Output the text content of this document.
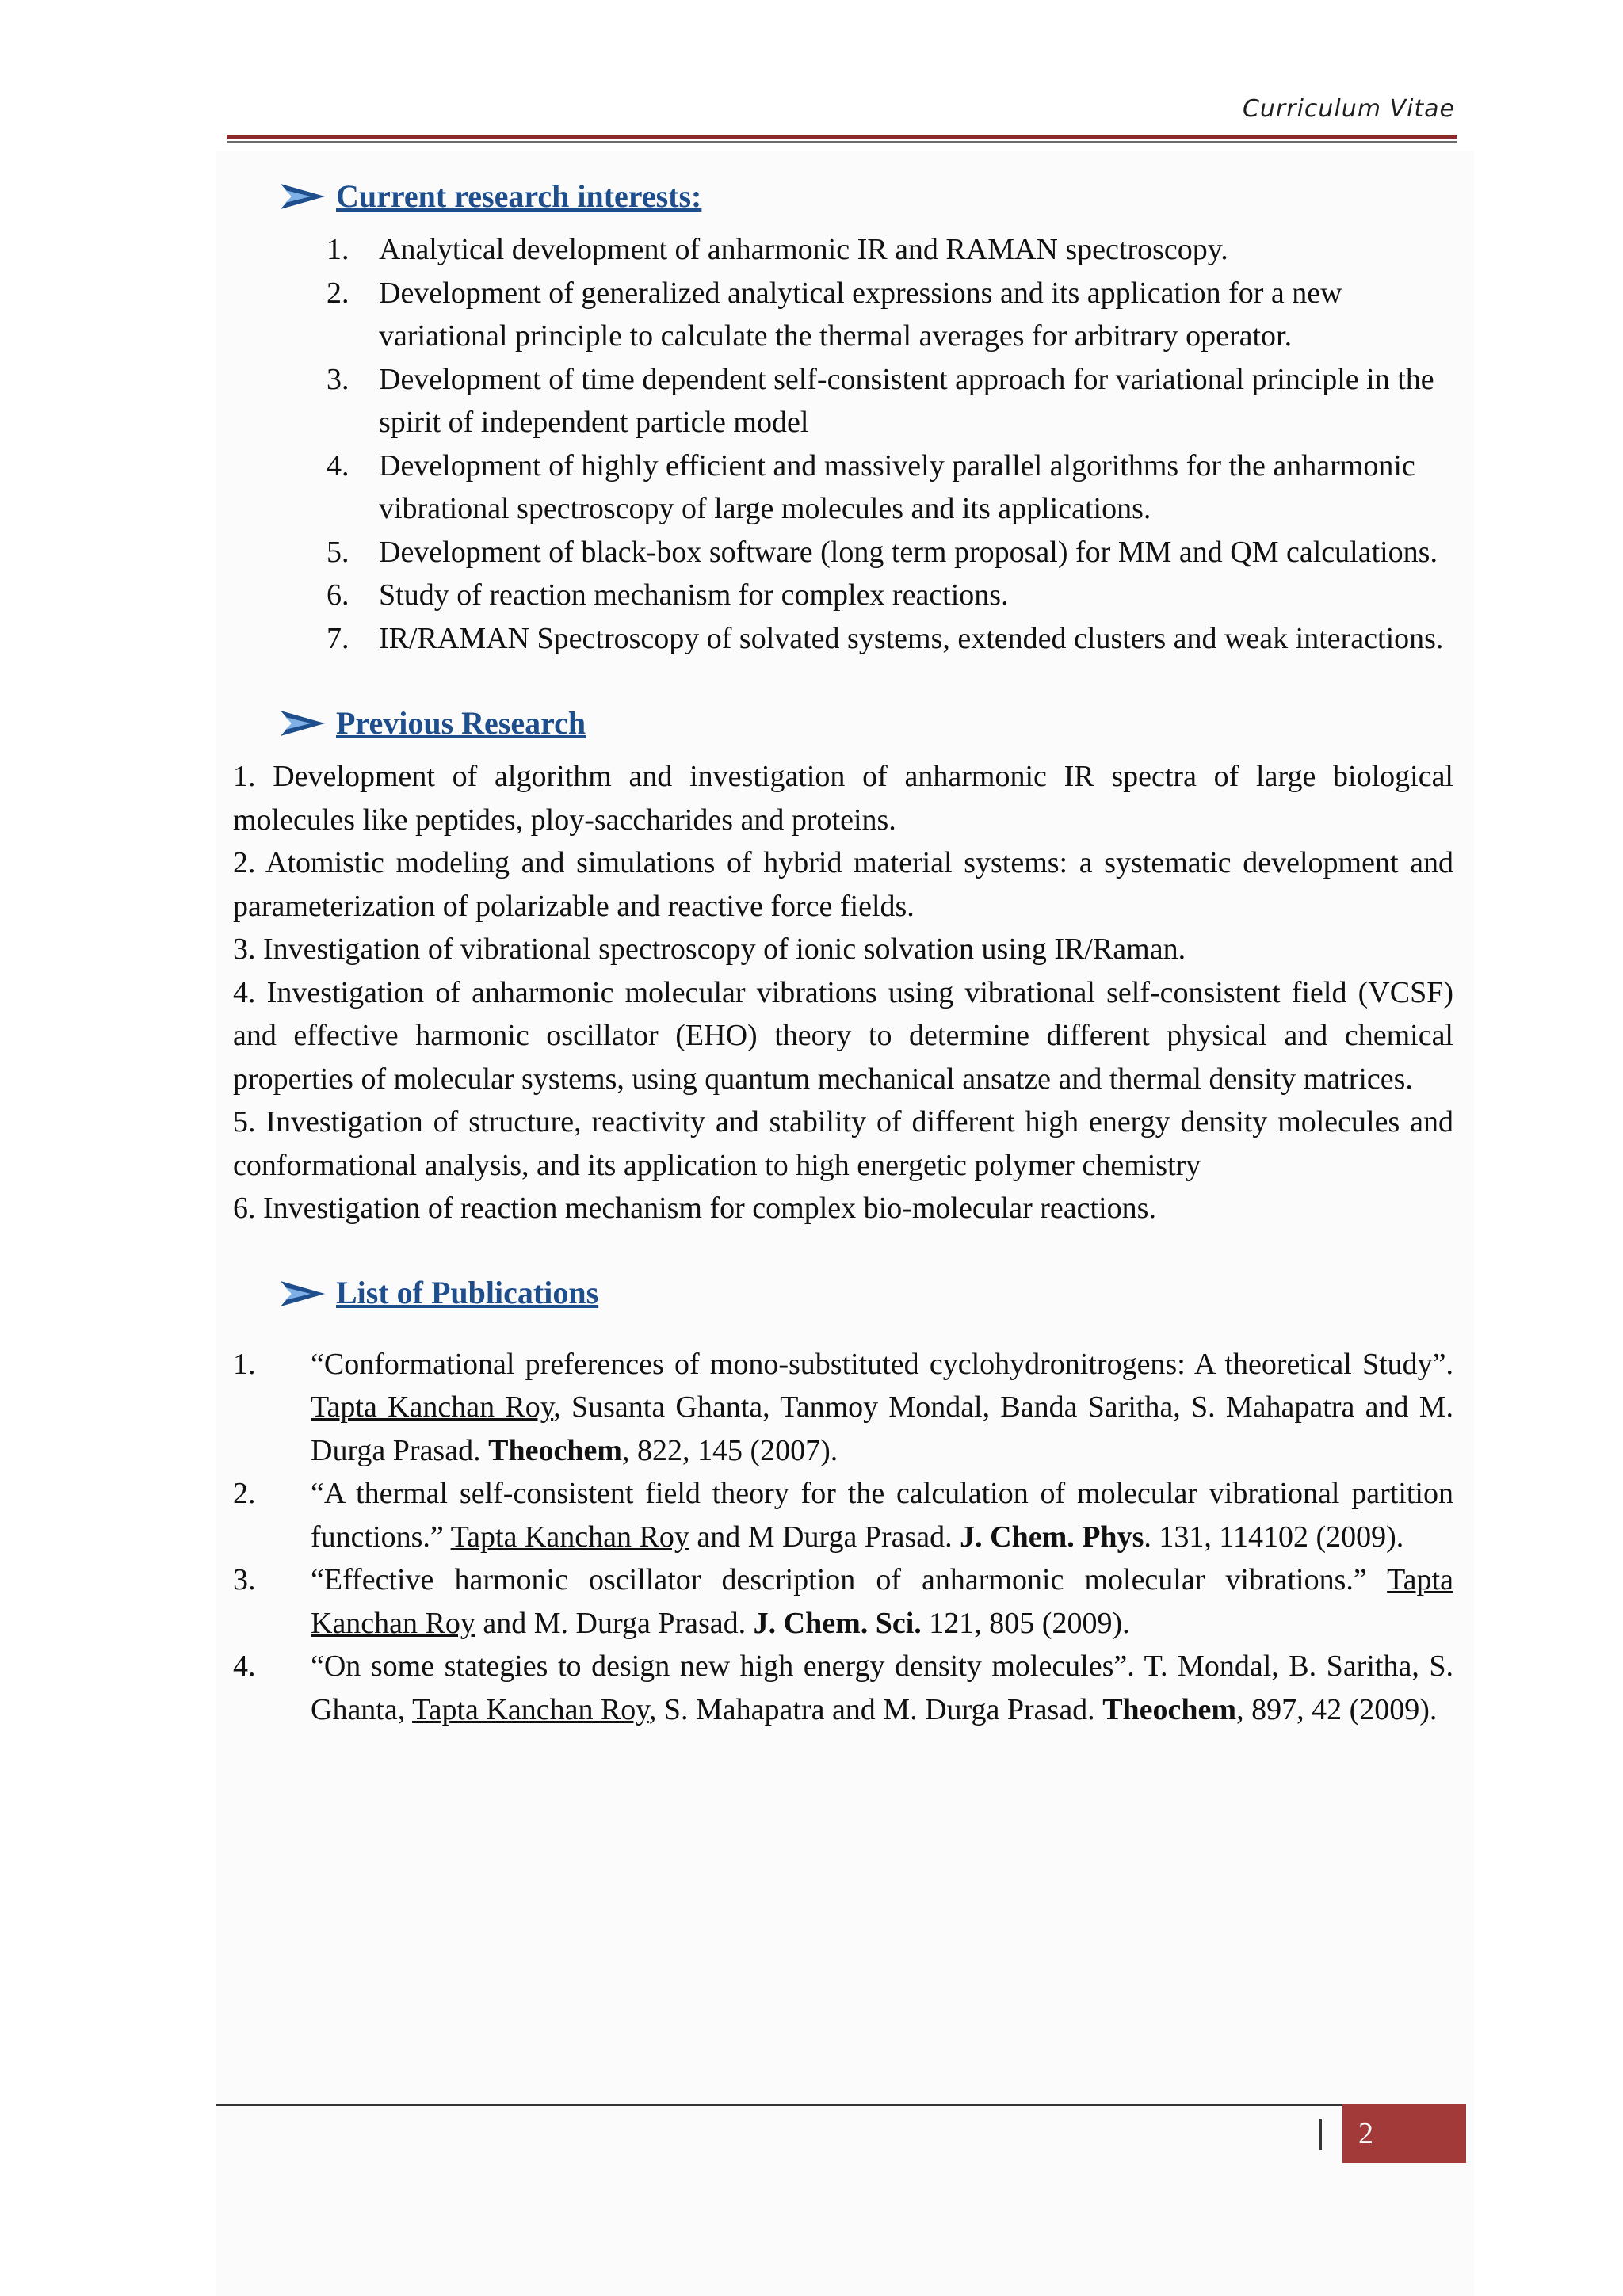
Curriculum Vitae
Current research interests:
1. Analytical development of anharmonic IR and RAMAN spectroscopy.
2. Development of generalized analytical expressions and its application for a new variational principle to calculate the thermal averages for arbitrary operator.
3. Development of time dependent self-consistent approach for variational principle in the spirit of independent particle model
4. Development of highly efficient and massively parallel algorithms for the anharmonic vibrational spectroscopy of large molecules and its applications.
5. Development of black-box software (long term proposal) for MM and QM calculations.
6. Study of reaction mechanism for complex reactions.
7. IR/RAMAN Spectroscopy of solvated systems, extended clusters and weak interactions.
Previous Research

1. Development of algorithm and investigation of anharmonic IR spectra of large biological molecules like peptides, ploy-saccharides and proteins.

2. Atomistic modeling and simulations of hybrid material systems: a systematic development and parameterization of polarizable and reactive force fields.

3. Investigation of vibrational spectroscopy of ionic solvation using IR/Raman.

4. Investigation of anharmonic molecular vibrations using vibrational self-consistent field (VCSF) and effective harmonic oscillator (EHO) theory to determine different physical and chemical properties of molecular systems, using quantum mechanical ansatze and thermal density matrices.

5. Investigation of structure, reactivity and stability of different high energy density molecules and conformational analysis, and its application to high energetic polymer chemistry

6. Investigation of reaction mechanism for complex bio-molecular reactions.

List of Publications
1. “Conformational preferences of mono-substituted cyclohydronitrogens: A theoretical Study”. Tapta Kanchan Roy, Susanta Ghanta, Tanmoy Mondal, Banda Saritha, S. Mahapatra and M. Durga Prasad. Theochem, 822, 145 (2007).
2. “A thermal self-consistent field theory for the calculation of molecular vibrational partition functions.” Tapta Kanchan Roy and M Durga Prasad. J. Chem. Phys. 131, 114102 (2009).
3. “Effective harmonic oscillator description of anharmonic molecular vibrations.” Tapta Kanchan Roy and M. Durga Prasad. J. Chem. Sci. 121, 805 (2009).
4. “On some stategies to design new high energy density molecules”. T. Mondal, B. Saritha, S. Ghanta, Tapta Kanchan Roy, S. Mahapatra and M. Durga Prasad. Theochem, 897, 42 (2009).
2
